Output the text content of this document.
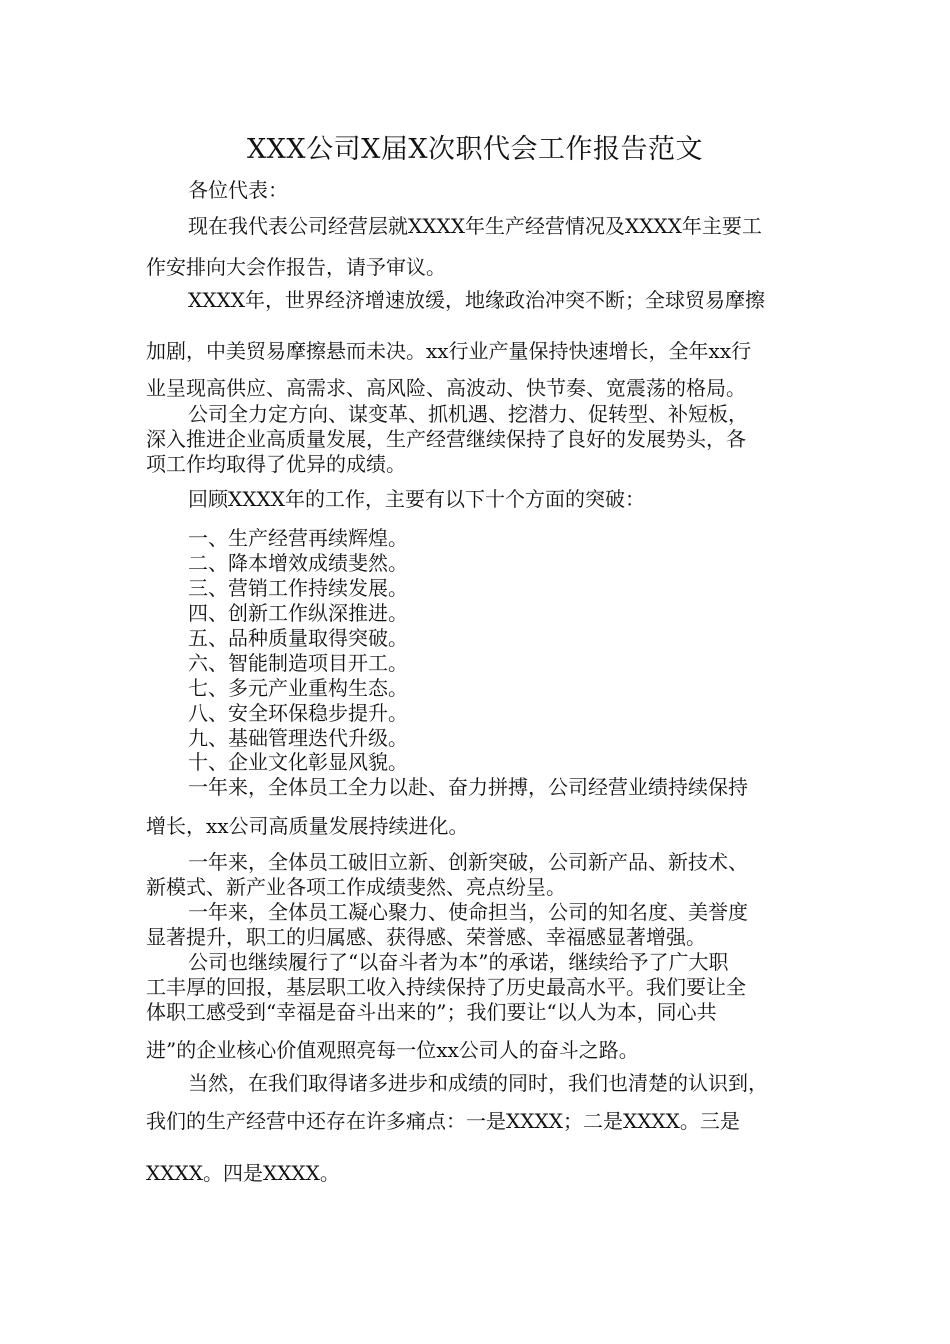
XXX公司X届X次职代会工作报告范文
各位代表：
现在我代表公司经营层就XXXX年生产经营情况及XXXX年主要工
作安排向大会作报告，请予审议。
XXXX年，世界经济增速放缓，地缘政治冲突不断；全球贸易摩擦
加剧，中美贸易摩擦悬而未决。xx行业产量保持快速增长，全年xx行
业呈现高供应、高需求、高风险、高波动、快节奏、宽震荡的格局。
公司全力定方向、谋变革、抓机遇、挖潜力、促转型、补短板，
深入推进企业高质量发展，生产经营继续保持了良好的发展势头，各
项工作均取得了优异的成绩。
回顾XXXX年的工作，主要有以下十个方面的突破：
一、生产经营再续辉煌。
二、降本增效成绩斐然。
三、营销工作持续发展。
四、创新工作纵深推进。
五、品种质量取得突破。
六、智能制造项目开工。
七、多元产业重构生态。
八、安全环保稳步提升。
九、基础管理迭代升级。
十、企业文化彰显风貌。
一年来，全体员工全力以赴、奋力拼搏，公司经营业绩持续保持
增长，xx公司高质量发展持续进化。
一年来，全体员工破旧立新、创新突破，公司新产品、新技术、
新模式、新产业各项工作成绩斐然、亮点纷呈。
一年来，全体员工凝心聚力、使命担当，公司的知名度、美誉度
显著提升，职工的归属感、获得感、荣誉感、幸福感显著增强。
公司也继续履行了“以奋斗者为本”的承诺，继续给予了广大职
工丰厚的回报，基层职工收入持续保持了历史最高水平。我们要让全
体职工感受到“幸福是奋斗出来的”；我们要让“以人为本，同心共
进”的企业核心价值观照亮每一位xx公司人的奋斗之路。
当然，在我们取得诸多进步和成绩的同时，我们也清楚的认识到，
我们的生产经营中还存在许多痛点：一是XXXX；二是XXXX。三是
XXXX。四是XXXX。
